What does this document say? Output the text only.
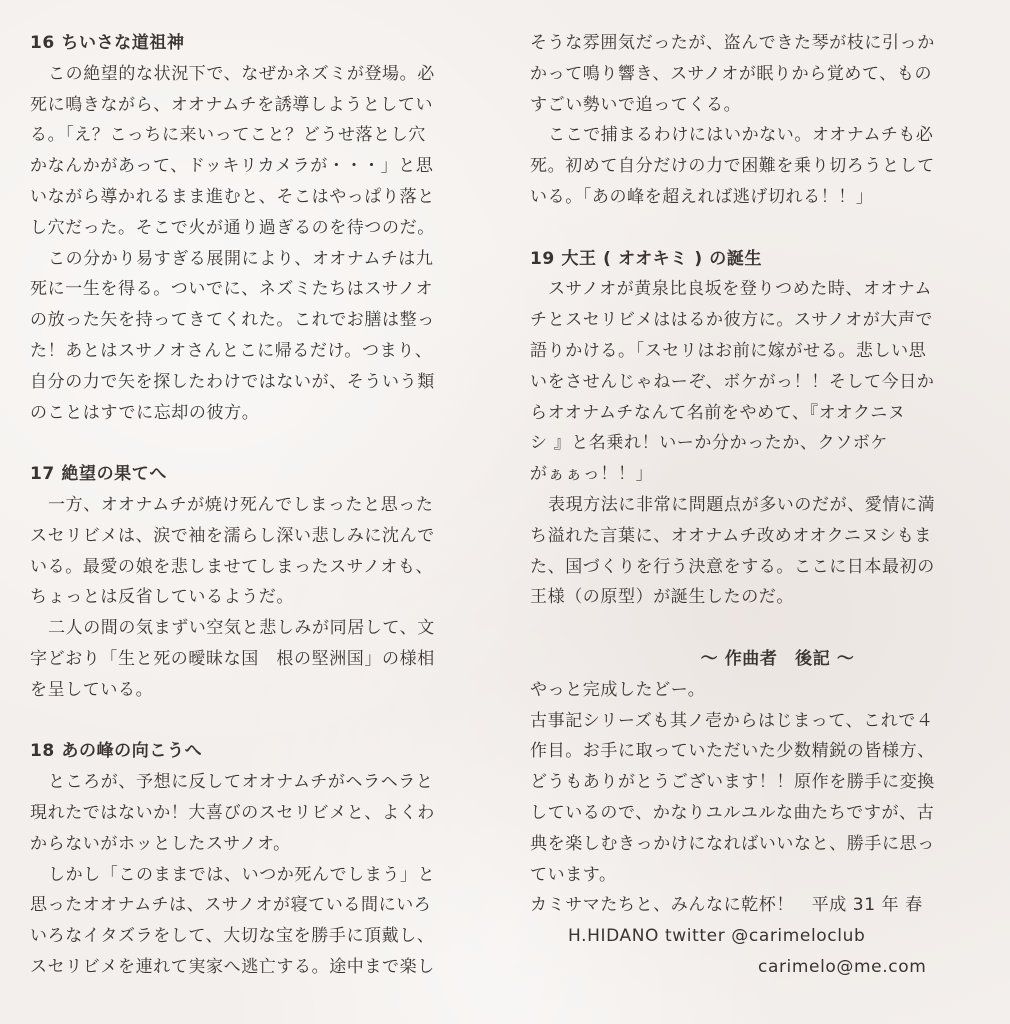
16 ちいさな道祖神
この絶望的な状況下で、なぜかネズミが登場。必
死に鳴きながら、オオナムチを誘導しようとしてい
る。「え？こっちに来いってこと？どうせ落とし穴
かなんかがあって、ドッキリカメラが・・・」と思
いながら導かれるまま進むと、そこはやっぱり落と
し穴だった。そこで火が通り過ぎるのを待つのだ。
この分かり易すぎる展開により、オオナムチは九
死に一生を得る。ついでに、ネズミたちはスサノオ
の放った矢を持ってきてくれた。これでお膳は整っ
た！あとはスサノオさんとこに帰るだけ。つまり、
自分の力で矢を探したわけではないが、そういう類
のことはすでに忘却の彼方。
17 絶望の果てへ
一方、オオナムチが焼け死んでしまったと思った
スセリビメは、涙で袖を濡らし深い悲しみに沈んで
いる。最愛の娘を悲しませてしまったスサノオも、
ちょっとは反省しているようだ。
二人の間の気まずい空気と悲しみが同居して、文
字どおり「生と死の曖昧な国　根の堅洲国」の様相
を呈している。
18 あの峰の向こうへ
ところが、予想に反してオオナムチがヘラヘラと
現れたではないか！大喜びのスセリビメと、よくわ
からないがホッとしたスサノオ。
しかし「このままでは、いつか死んでしまう」と
思ったオオナムチは、スサノオが寝ている間にいろ
いろなイタズラをして、大切な宝を勝手に頂戴し、
スセリビメを連れて実家へ逃亡する。途中まで楽し
そうな雰囲気だったが、盗んできた琴が枝に引っか
かって鳴り響き、スサノオが眠りから覚めて、もの
すごい勢いで追ってくる。
ここで捕まるわけにはいかない。オオナムチも必
死。初めて自分だけの力で困難を乗り切ろうとして
いる。「あの峰を超えれば逃げ切れる！！」
19 大王 ( オオキミ ) の誕生
スサノオが黄泉比良坂を登りつめた時、オオナム
チとスセリビメははるか彼方に。スサノオが大声で
語りかける。「スセリはお前に嫁がせる。悲しい思
いをさせんじゃねーぞ、ボケがっ！！そして今日か
らオオナムチなんて名前をやめて、『オオクニヌ
シ 』と名乗れ！いーか分かったか、クソボケ
がぁぁっ！！」
表現方法に非常に問題点が多いのだが、愛情に満
ち溢れた言葉に、オオナムチ改めオオクニヌシもま
た、国づくりを行う決意をする。ここに日本最初の
王様（の原型）が誕生したのだ。
〜 作曲者　後記 〜
やっと完成したどー。
古事記シリーズも其ノ壱からはじまって、これで４
作目。お手に取っていただいた少数精鋭の皆様方、
どうもありがとうございます！！原作を勝手に変換
しているので、かなりユルユルな曲たちですが、古
典を楽しむきっかけになればいいなと、勝手に思っ
ています。
カミサマたちと、みんなに乾杯！　平成 31 年 春
H.HIDANO twitter @carimeloclub
carimelo@me.com
